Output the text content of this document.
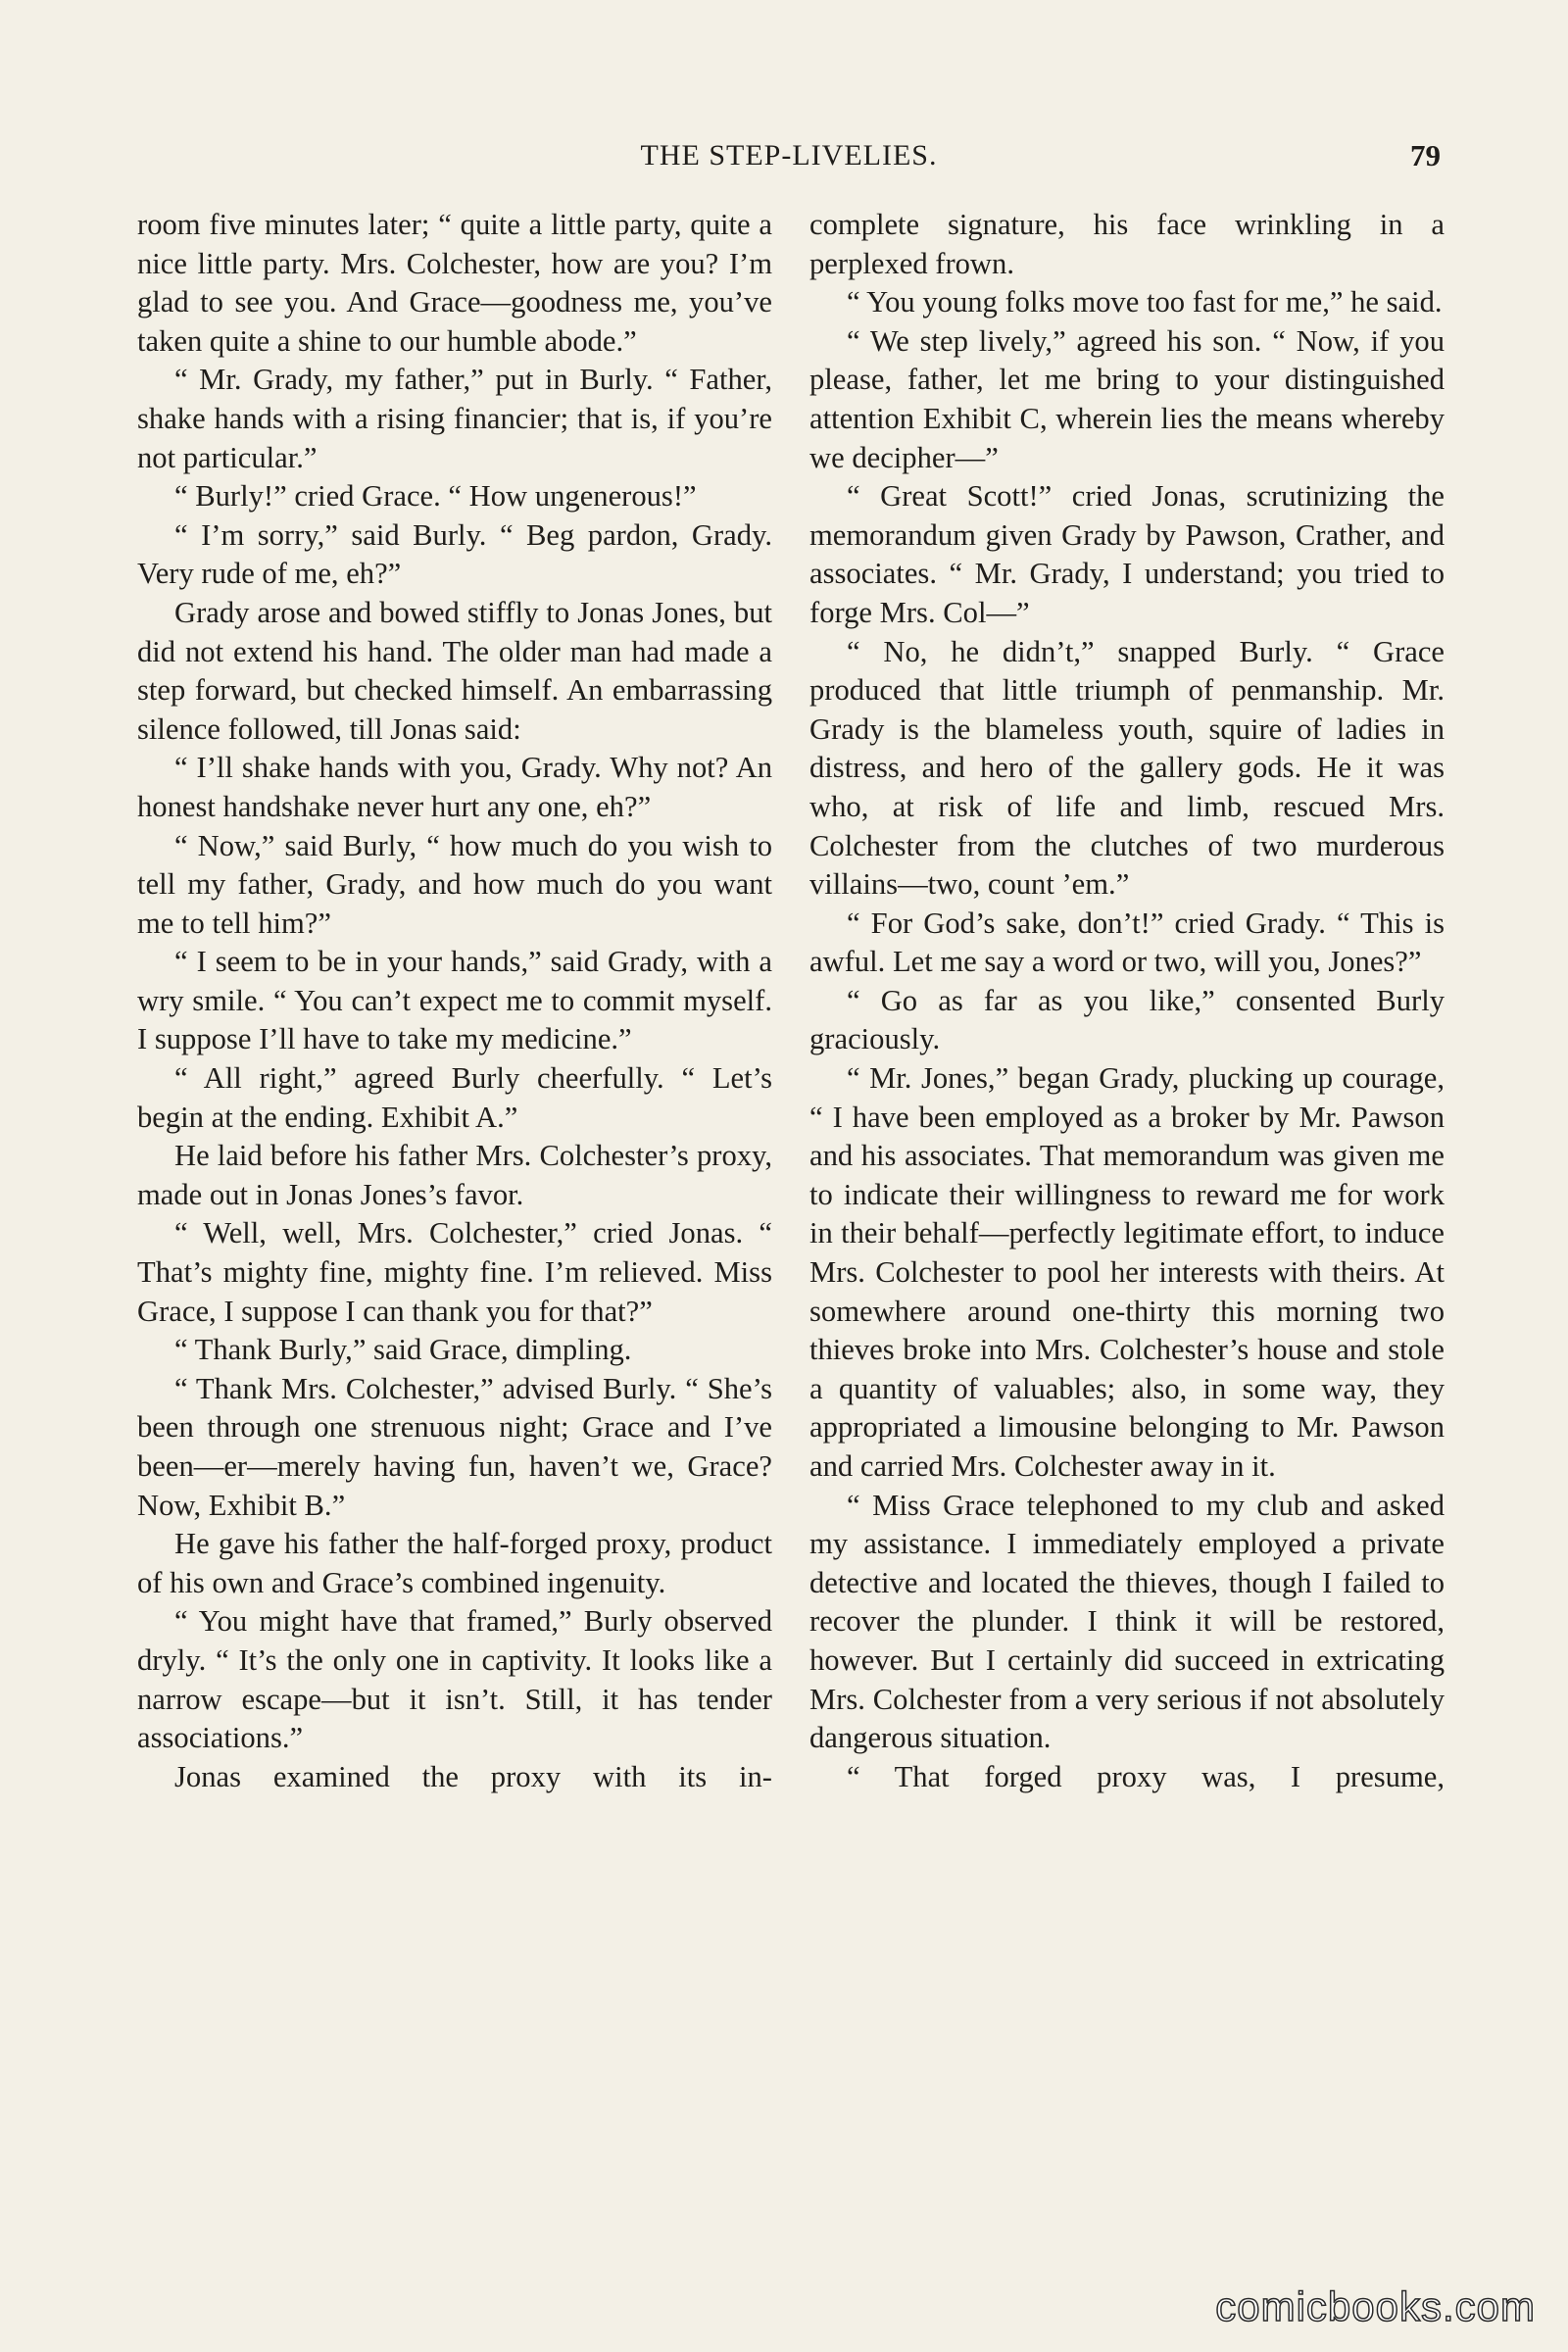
THE STEP-LIVELIES.	79

room five minutes later; “ quite a little party, quite a nice little party. Mrs. Colchester, how are you? I’m glad to see you. And Grace—goodness me, you’ve taken quite a shine to our humble abode.”

“ Mr. Grady, my father,” put in Burly. “ Father, shake hands with a rising financier; that is, if you’re not particular.”

“ Burly!” cried Grace. “ How ungenerous!”

“ I’m sorry,” said Burly. “ Beg pardon, Grady. Very rude of me, eh?”

Grady arose and bowed stiffly to Jonas Jones, but did not extend his hand. The older man had made a step forward, but checked himself. An embarrassing silence followed, till Jonas said:

“ I’ll shake hands with you, Grady. Why not? An honest handshake never hurt any one, eh?”

“ Now,” said Burly, “ how much do you wish to tell my father, Grady, and how much do you want me to tell him?”

“ I seem to be in your hands,” said Grady, with a wry smile. “ You can’t expect me to commit myself. I suppose I’ll have to take my medicine.”

“ All right,” agreed Burly cheerfully. “ Let’s begin at the ending. Exhibit A.”

He laid before his father Mrs. Colchester’s proxy, made out in Jonas Jones’s favor.

“ Well, well, Mrs. Colchester,” cried Jonas. “ That’s mighty fine, mighty fine. I’m relieved. Miss Grace, I suppose I can thank you for that?”

“ Thank Burly,” said Grace, dimpling.

“ Thank Mrs. Colchester,” advised Burly. “ She’s been through one strenuous night; Grace and I’ve been—er—merely having fun, haven’t we, Grace? Now, Exhibit B.”

He gave his father the half-forged proxy, product of his own and Grace’s combined ingenuity.

“ You might have that framed,” Burly observed dryly. “ It’s the only one in captivity. It looks like a narrow escape—but it isn’t. Still, it has tender associations.”

Jonas examined the proxy with its in-

complete signature, his face wrinkling in a perplexed frown.

“ You young folks move too fast for me,” he said.

“ We step lively,” agreed his son. “ Now, if you please, father, let me bring to your distinguished attention Exhibit C, wherein lies the means whereby we decipher—”

“ Great Scott!” cried Jonas, scrutinizing the memorandum given Grady by Pawson, Crather, and associates. “ Mr. Grady, I understand; you tried to forge Mrs. Col—”

“ No, he didn’t,” snapped Burly. “ Grace produced that little triumph of penmanship. Mr. Grady is the blameless youth, squire of ladies in distress, and hero of the gallery gods. He it was who, at risk of life and limb, rescued Mrs. Colchester from the clutches of two murderous villains—two, count ’em.”

“ For God’s sake, don’t!” cried Grady. “ This is awful. Let me say a word or two, will you, Jones?”

“ Go as far as you like,” consented Burly graciously.

“ Mr. Jones,” began Grady, plucking up courage, “ I have been employed as a broker by Mr. Pawson and his associates. That memorandum was given me to indicate their willingness to reward me for work in their behalf—perfectly legitimate effort, to induce Mrs. Colchester to pool her interests with theirs. At somewhere around one-thirty this morning two thieves broke into Mrs. Colchester’s house and stole a quantity of valuables; also, in some way, they appropriated a limousine belonging to Mr. Pawson and carried Mrs. Colchester away in it.

“ Miss Grace telephoned to my club and asked my assistance. I immediately employed a private detective and located the thieves, though I failed to recover the plunder. I think it will be restored, however. But I certainly did succeed in extricating Mrs. Colchester from a very serious if not absolutely dangerous situation.

“ That forged proxy was, I presume,

comicbooks.com
